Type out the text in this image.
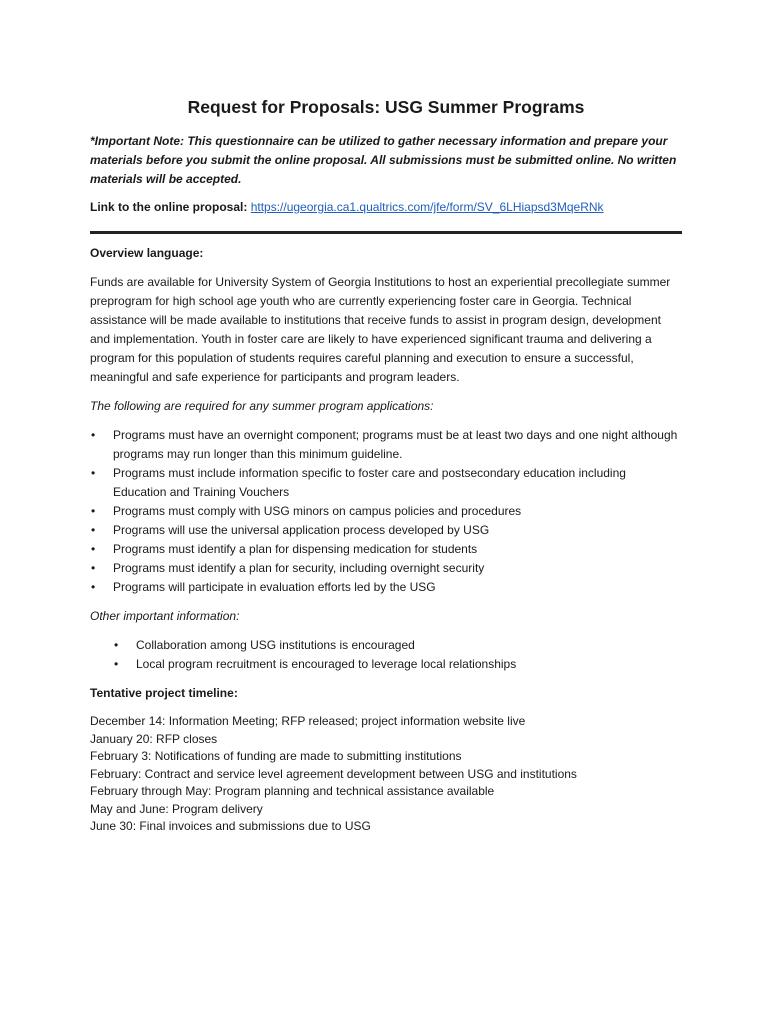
Request for Proposals: USG Summer Programs
*Important Note: This questionnaire can be utilized to gather necessary information and prepare your materials before you submit the online proposal. All submissions must be submitted online. No written materials will be accepted.
Link to the online proposal: https://ugeorgia.ca1.qualtrics.com/jfe/form/SV_6LHiapsd3MqeRNk
Overview language:
Funds are available for University System of Georgia Institutions to host an experiential precollegiate summer preprogram for high school age youth who are currently experiencing foster care in Georgia. Technical assistance will be made available to institutions that receive funds to assist in program design, development and implementation. Youth in foster care are likely to have experienced significant trauma and delivering a program for this population of students requires careful planning and execution to ensure a successful, meaningful and safe experience for participants and program leaders.
The following are required for any summer program applications:
• Programs must have an overnight component; programs must be at least two days and one night although programs may run longer than this minimum guideline.
• Programs must include information specific to foster care and postsecondary education including Education and Training Vouchers
• Programs must comply with USG minors on campus policies and procedures
• Programs will use the universal application process developed by USG
• Programs must identify a plan for dispensing medication for students
• Programs must identify a plan for security, including overnight security
• Programs will participate in evaluation efforts led by the USG
Other important information:
• Collaboration among USG institutions is encouraged
• Local program recruitment is encouraged to leverage local relationships
Tentative project timeline:
December 14: Information Meeting; RFP released; project information website live
January 20: RFP closes
February 3: Notifications of funding are made to submitting institutions
February: Contract and service level agreement development between USG and institutions
February through May: Program planning and technical assistance available
May and June: Program delivery
June 30: Final invoices and submissions due to USG
